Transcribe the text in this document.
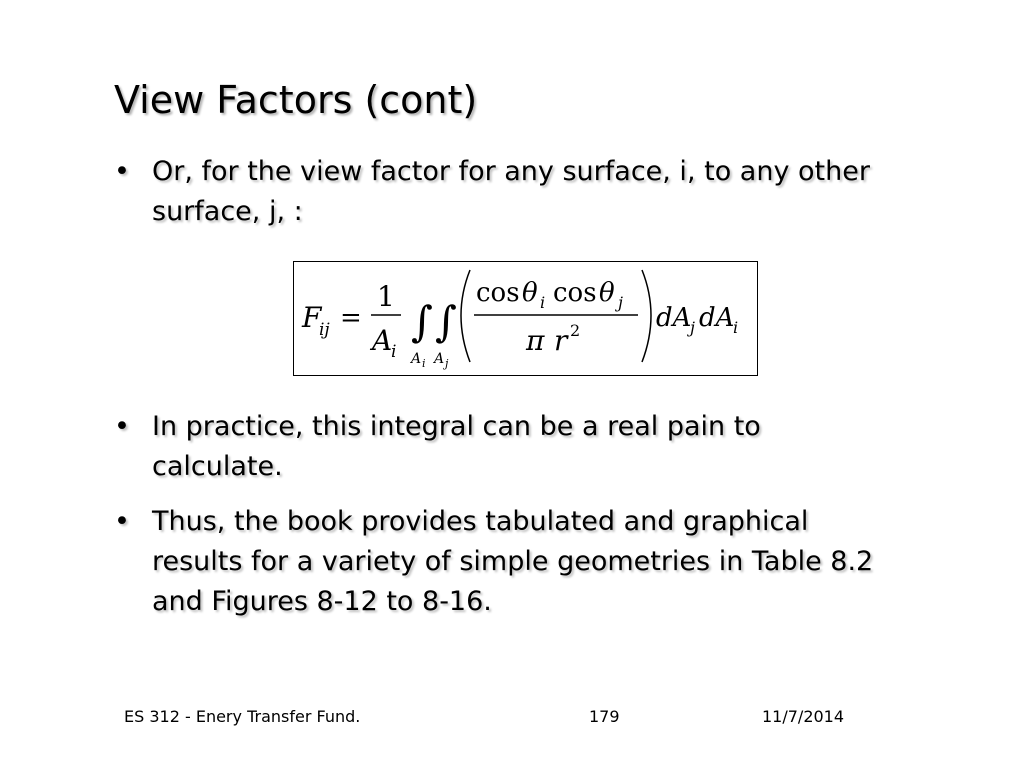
View Factors (cont)
• Or, for the view factor for any surface, i, to any other
surface, j, :
F
ij =
1
A
i
∫ ∫
A i A j
cos θ i cos θ j
π r 2	dA
j dA
i
• In practice, this integral can be a real pain to
calculate.
• Thus, the book provides tabulated and graphical
results for a variety of simple geometries in Table 8.2
and Figures 8-12 to 8-16.
ES 312 - Enery Transfer Fund.	179	11/7/2014
